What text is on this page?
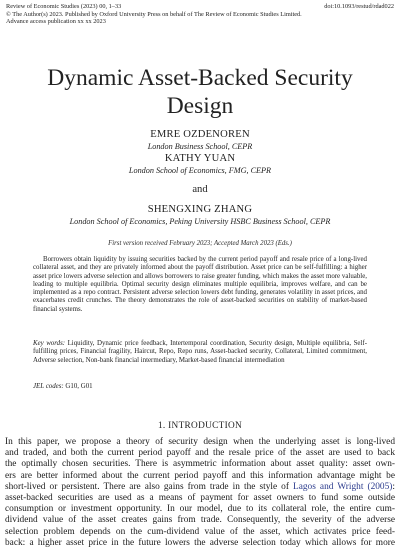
Review of Economic Studies (2023) 00, 1–33	doi:10.1093/restud/rdad022
© The Author(s) 2023. Published by Oxford University Press on behalf of The Review of Economic Studies Limited.
Advance access publication xx xx 2023
Dynamic Asset-Backed Security
Design
EMRE OZDENOREN
London Business School, CEPR
KATHY YUAN
London School of Economics, FMG, CEPR
and
SHENGXING ZHANG
London School of Economics, Peking University HSBC Business School, CEPR
First version received February 2023; Accepted March 2023 (Eds.)
Borrowers obtain liquidity by issuing securities backed by the current period payoff and resale price of a long-lived collateral asset, and they are privately informed about the payoff distribution. Asset price can be self-fulfilling: a higher asset price lowers adverse selection and allows borrowers to raise greater funding, which makes the asset more valuable, leading to multiple equilibria. Optimal security design eliminates multiple equilibria, improves welfare, and can be implemented as a repo contract. Persistent adverse selection lowers debt funding, generates volatility in asset prices, and exacerbates credit crunches. The theory demonstrates the role of asset-backed securities on stability of market-based financial systems.
Key words: Liquidity, Dynamic price feedback, Intertemporal coordination, Security design, Multiple equilibria, Self-fulfilling prices, Financial fragility, Haircut, Repo, Repo runs, Asset-backed security, Collateral, Limited commitment, Adverse selection, Non-bank financial intermediary, Market-based financial intermediation
JEL codes: G10, G01
1. INTRODUCTION
In this paper, we propose a theory of security design when the underlying asset is long-lived
and traded, and both the current period payoff and the resale price of the asset are used to back
the optimally chosen securities. There is asymmetric information about asset quality: asset own-
ers are better informed about the current period payoff and this information advantage might be
short-lived or persistent. There are also gains from trade in the style of Lagos and Wright (2005):
asset-backed securities are used as a means of payment for asset owners to fund some outside
consumption or investment opportunity. In our model, due to its collateral role, the entire cum-
dividend value of the asset creates gains from trade. Consequently, the severity of the adverse
selection problem depends on the cum-dividend value of the asset, which activates price feed-
back: a higher asset price in the future lowers the adverse selection today which allows for more
